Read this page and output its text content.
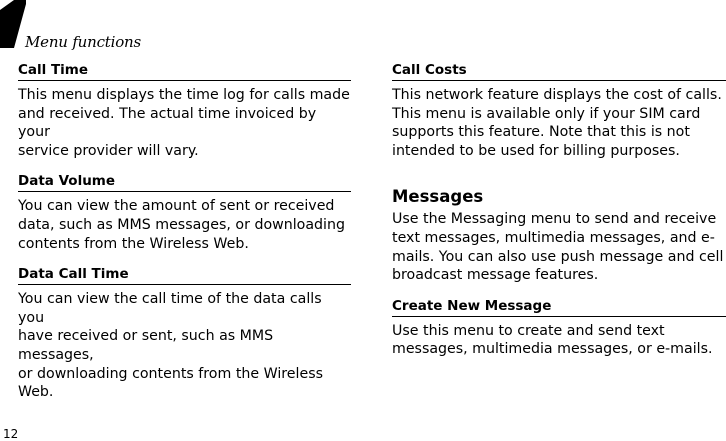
Menu functions
Call Time
This menu displays the time log for calls made
and received. The actual time invoiced by your
service provider will vary.
Data Volume
You can view the amount of sent or received
data, such as MMS messages, or downloading
contents from the Wireless Web.
Data Call Time
You can view the call time of the data calls you
have received or sent, such as MMS messages,
or downloading contents from the Wireless
Web.
Call Costs
This network feature displays the cost of calls.
This menu is available only if your SIM card
supports this feature. Note that this is not
intended to be used for billing purposes.
Messages
Use the Messaging menu to send and receive
text messages, multimedia messages, and e-
mails. You can also use push message and cell
broadcast message features.
Create New Message
Use this menu to create and send text
messages, multimedia messages, or e-mails.
12
